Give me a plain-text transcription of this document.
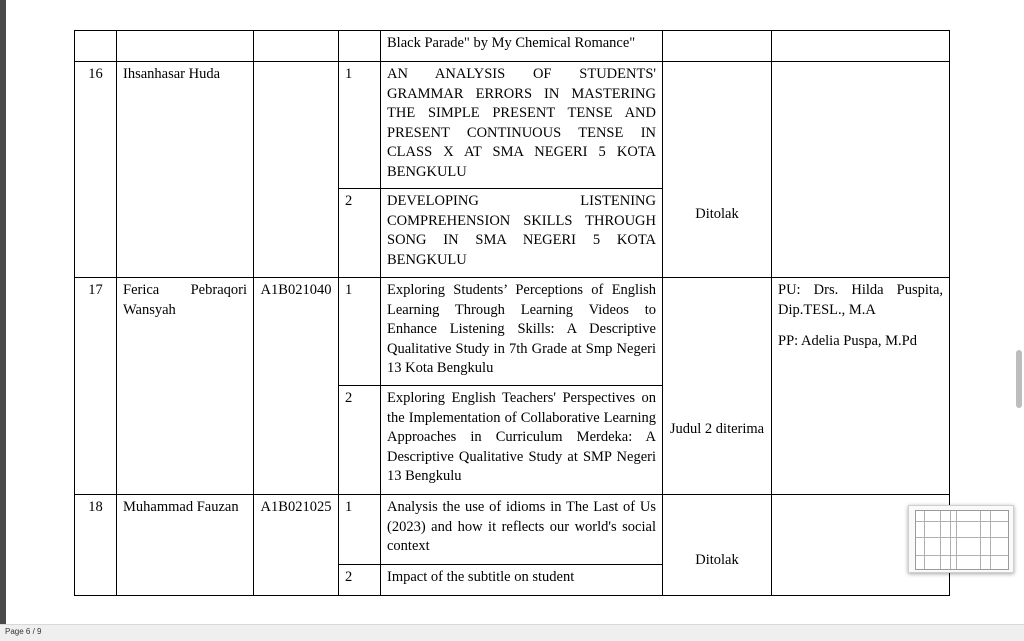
				Black Parade" by My Chemical Romance"		
16	Ihsanhasar Huda		1	AN ANALYSIS OF STUDENTS' GRAMMAR ERRORS IN MASTERING THE SIMPLE PRESENT TENSE AND PRESENT CONTINUOUS TENSE IN CLASS X AT SMA NEGERI 5 KOTA BENGKULU	Ditolak	
			2	DEVELOPING LISTENING COMPREHENSION SKILLS THROUGH SONG IN SMA NEGERI 5 KOTA BENGKULU		
17	Ferica Pebraqori Wansyah	A1B021040	1	Exploring Students’ Perceptions of English Learning Through Learning Videos to Enhance Listening Skills: A Descriptive Qualitative Study in 7th Grade at Smp Negeri 13 Kota Bengkulu	Judul 2 diterima	PU: Drs. Hilda Puspita, Dip.TESL., M.A

PP: Adelia Puspa, M.Pd

			2	Exploring English Teachers' Perspectives on the Implementation of Collaborative Learning Approaches in Curriculum Merdeka: A Descriptive Qualitative Study at SMP Negeri 13 Bengkulu		
18	Muhammad Fauzan	A1B021025	1	Analysis the use of idioms in The Last of Us (2023) and how it reflects our world's social context	Ditolak	
			2	Impact of the subtitle on student		
Page 6 / 9
